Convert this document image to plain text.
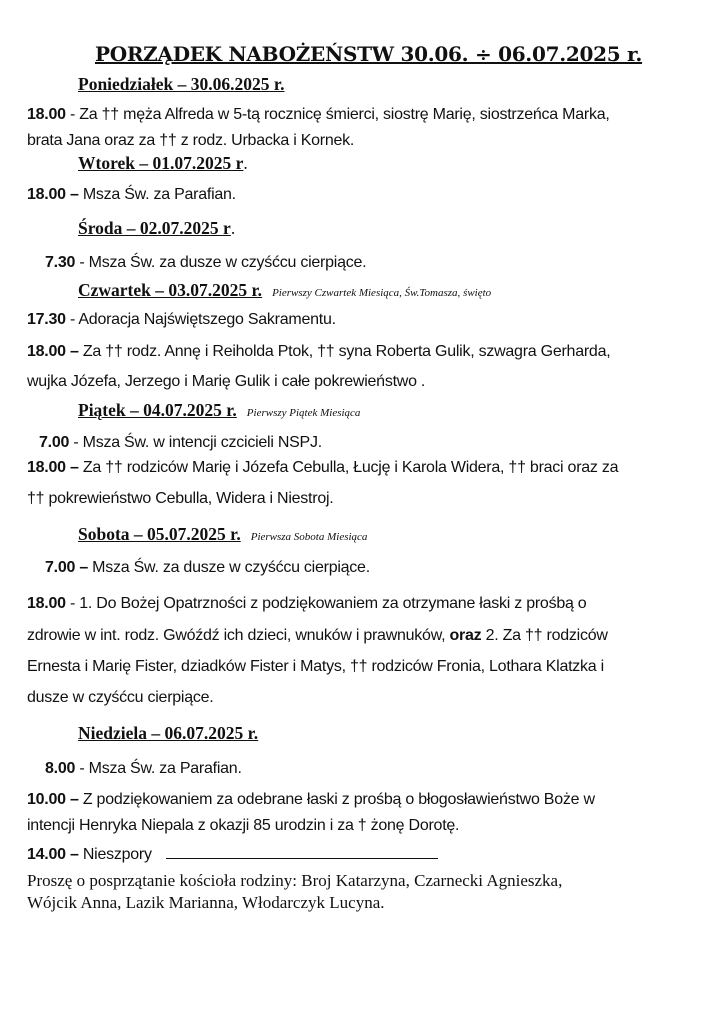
PORZĄDEK NABOŻEŃSTW 30.06. ÷ 06.07.2025 r.
Poniedziałek – 30.06.2025 r.
18.00 - Za †† męża Alfreda w 5-tą rocznicę śmierci, siostrę Marię, siostrzeńca Marka,
brata Jana oraz za †† z rodz. Urbacka i Kornek.
Wtorek – 01.07.2025 r.
18.00 – Msza Św. za Parafian.
Środa – 02.07.2025 r.
7.30 - Msza Św. za dusze w czyśćcu cierpiące.
Czwartek – 03.07.2025 r. Pierwszy Czwartek Miesiąca, Św.Tomasza, święto
17.30 - Adoracja Najświętszego Sakramentu.
18.00 – Za †† rodz. Annę i Reiholda Ptok, †† syna Roberta Gulik, szwagra Gerharda,
wujka Józefa, Jerzego i Marię Gulik i całe pokrewieństwo .
Piątek – 04.07.2025 r. Pierwszy Piątek Miesiąca
7.00 - Msza Św. w intencji czcicieli NSPJ.
18.00 – Za †† rodziców Marię i Józefa Cebulla, Łucję i Karola Widera, †† braci oraz za
†† pokrewieństwo Cebulla, Widera i Niestroj.
Sobota – 05.07.2025 r. Pierwsza Sobota Miesiąca
7.00 – Msza Św. za dusze w czyśćcu cierpiące.
18.00 - 1. Do Bożej Opatrzności z podziękowaniem za otrzymane łaski z prośbą o
zdrowie w int. rodz. Gwóźdź ich dzieci, wnuków i prawnuków, oraz 2. Za †† rodziców
Ernesta i Marię Fister, dziadków Fister i Matys, †† rodziców Fronia, Lothara Klatzka i
dusze w czyśćcu cierpiące.
Niedziela – 06.07.2025 r.
8.00 - Msza Św. za Parafian.
10.00 – Z podziękowaniem za odebrane łaski z prośbą o błogosławieństwo Boże w
intencji Henryka Niepala z okazji 85 urodzin i za † żonę Dorotę.
14.00 – Nieszpory
Proszę o posprzątanie kościoła rodziny: Broj Katarzyna, Czarnecki Agnieszka,
Wójcik Anna, Lazik Marianna, Włodarczyk Lucyna.
